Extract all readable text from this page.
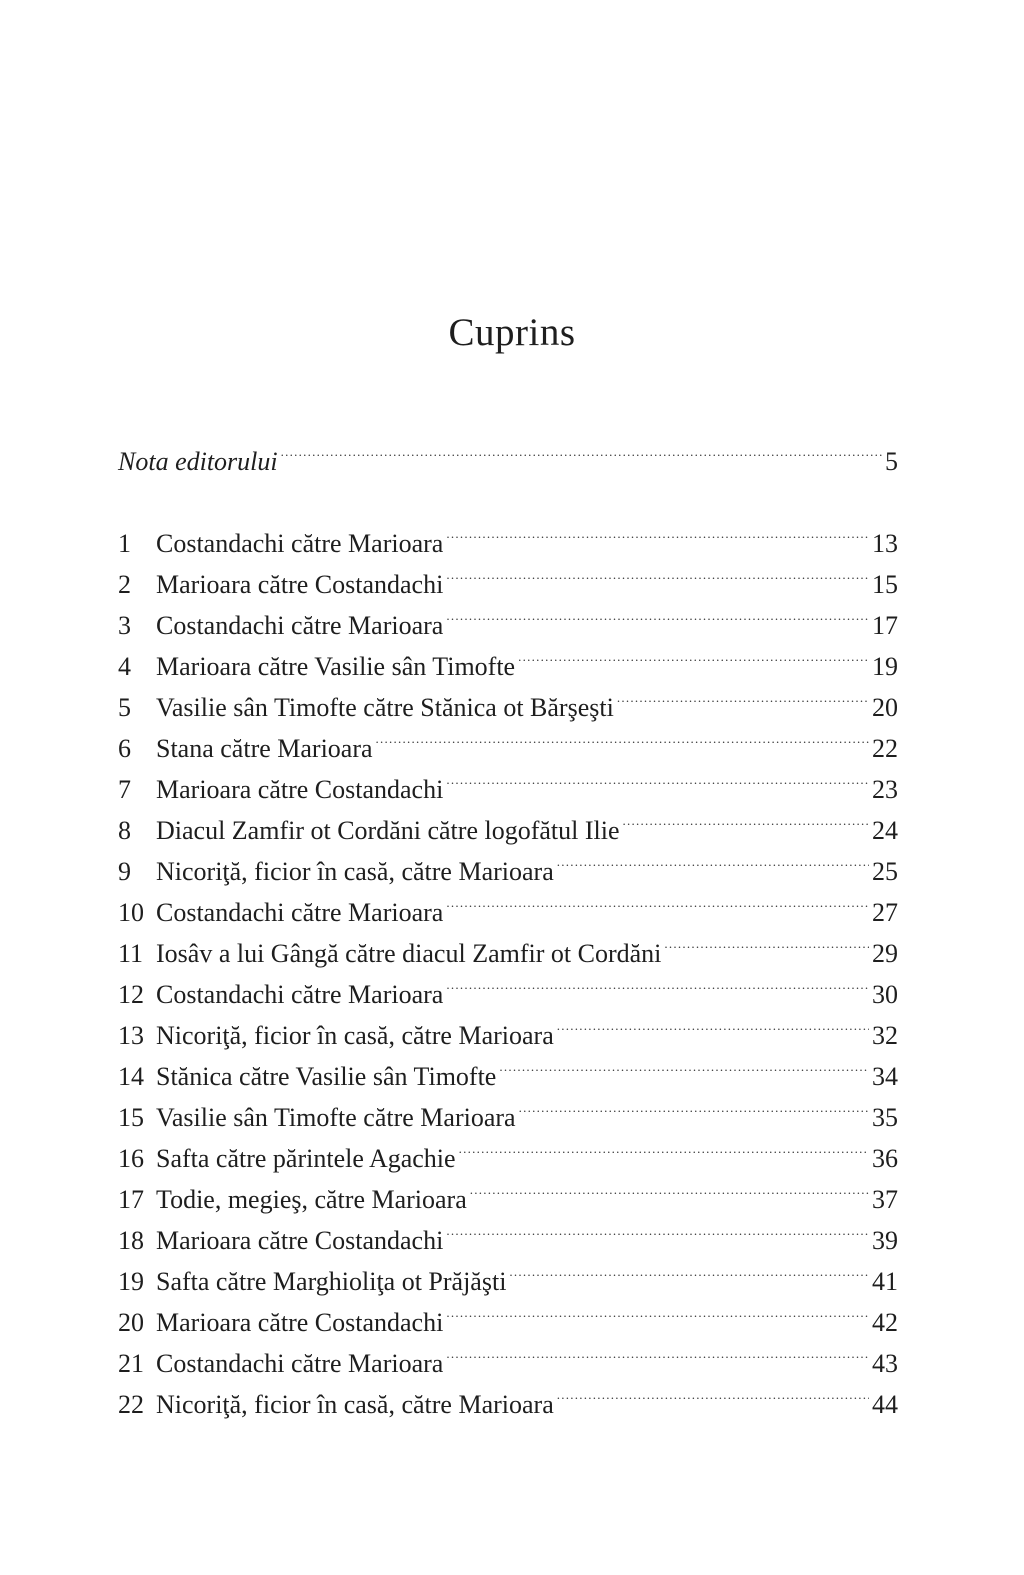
Cuprins
Nota editorului . . .	5
1 Costandachi către Marioara . . .	13
2 Marioara către Costandachi . . .	15
3 Costandachi către Marioara . . .	17
4 Marioara către Vasilie sân Timofte . . .	19
5 Vasilie sân Timofte către Stănica ot Bărşeşti . . .	20
6 Stana către Marioara . . .	22
7 Marioara către Costandachi . . .	23
8 Diacul Zamfir ot Cordăni către logofătul Ilie . . .	24
9 Nicoriţă, ficior în casă, către Marioara . . .	25
10 Costandachi către Marioara . . .	27
11 Iosâv a lui Gângă către diacul Zamfir ot Cordăni . . .	29
12 Costandachi către Marioara . . .	30
13 Nicoriţă, ficior în casă, către Marioara . . .	32
14 Stănica către Vasilie sân Timofte . . .	34
15 Vasilie sân Timofte către Marioara . . .	35
16 Safta către părintele Agachie . . .	36
17 Todie, megieş, către Marioara . . .	37
18 Marioara către Costandachi . . .	39
19 Safta către Marghioliţa ot Prăjăşti . . .	41
20 Marioara către Costandachi . . .	42
21 Costandachi către Marioara . . .	43
22 Nicoriţă, ficior în casă, către Marioara . . .	44
